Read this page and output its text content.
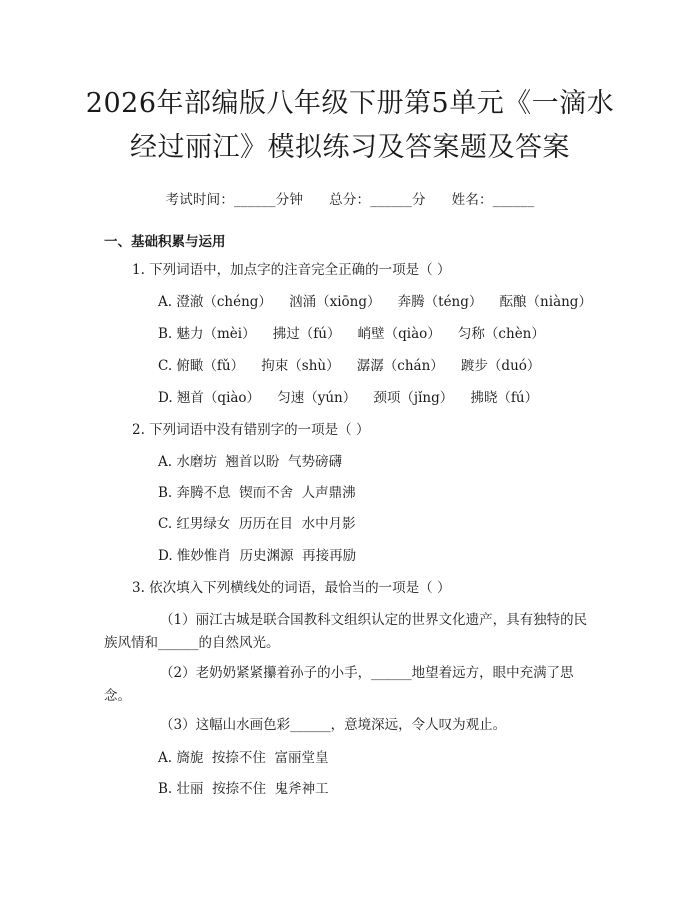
2026年部编版八年级下册第5单元《一滴水
经过丽江》模拟练习及答案题及答案
考试时间：______分钟 总分：______分 姓名：______
一、基础积累与运用
1. 下列词语中，加点字的注音完全正确的一项是（ ）
A. 澄澈（chéng）    汹涌（xiōng）    奔腾（téng）    酝酿（niàng）
B. 魅力（mèi）    拂过（fú）    峭壁（qiào）    匀称（chèn）
C. 俯瞰（fǔ）    拘束（shù）    潺潺（chán）    踱步（duó）
D. 翘首（qiào）    匀速（yún）    颈项（jǐng）    拂晓（fú）
2. 下列词语中没有错别字的一项是（ ）
A. 水磨坊  翘首以盼  气势磅礴
B. 奔腾不息  锲而不舍  人声鼎沸
C. 红男绿女  历历在目  水中月影
D. 惟妙惟肖  历史渊源  再接再励
3. 依次填入下列横线处的词语，最恰当的一项是（ ）
（1）丽江古城是联合国教科文组织认定的世界文化遗产，具有独特的民族风情和______的自然风光。
（2）老奶奶紧紧攥着孙子的小手，______地望着远方，眼中充满了思念。
（3）这幅山水画色彩______，意境深远，令人叹为观止。
A. 旖旎  按捺不住  富丽堂皇
B. 壮丽  按捺不住  鬼斧神工
